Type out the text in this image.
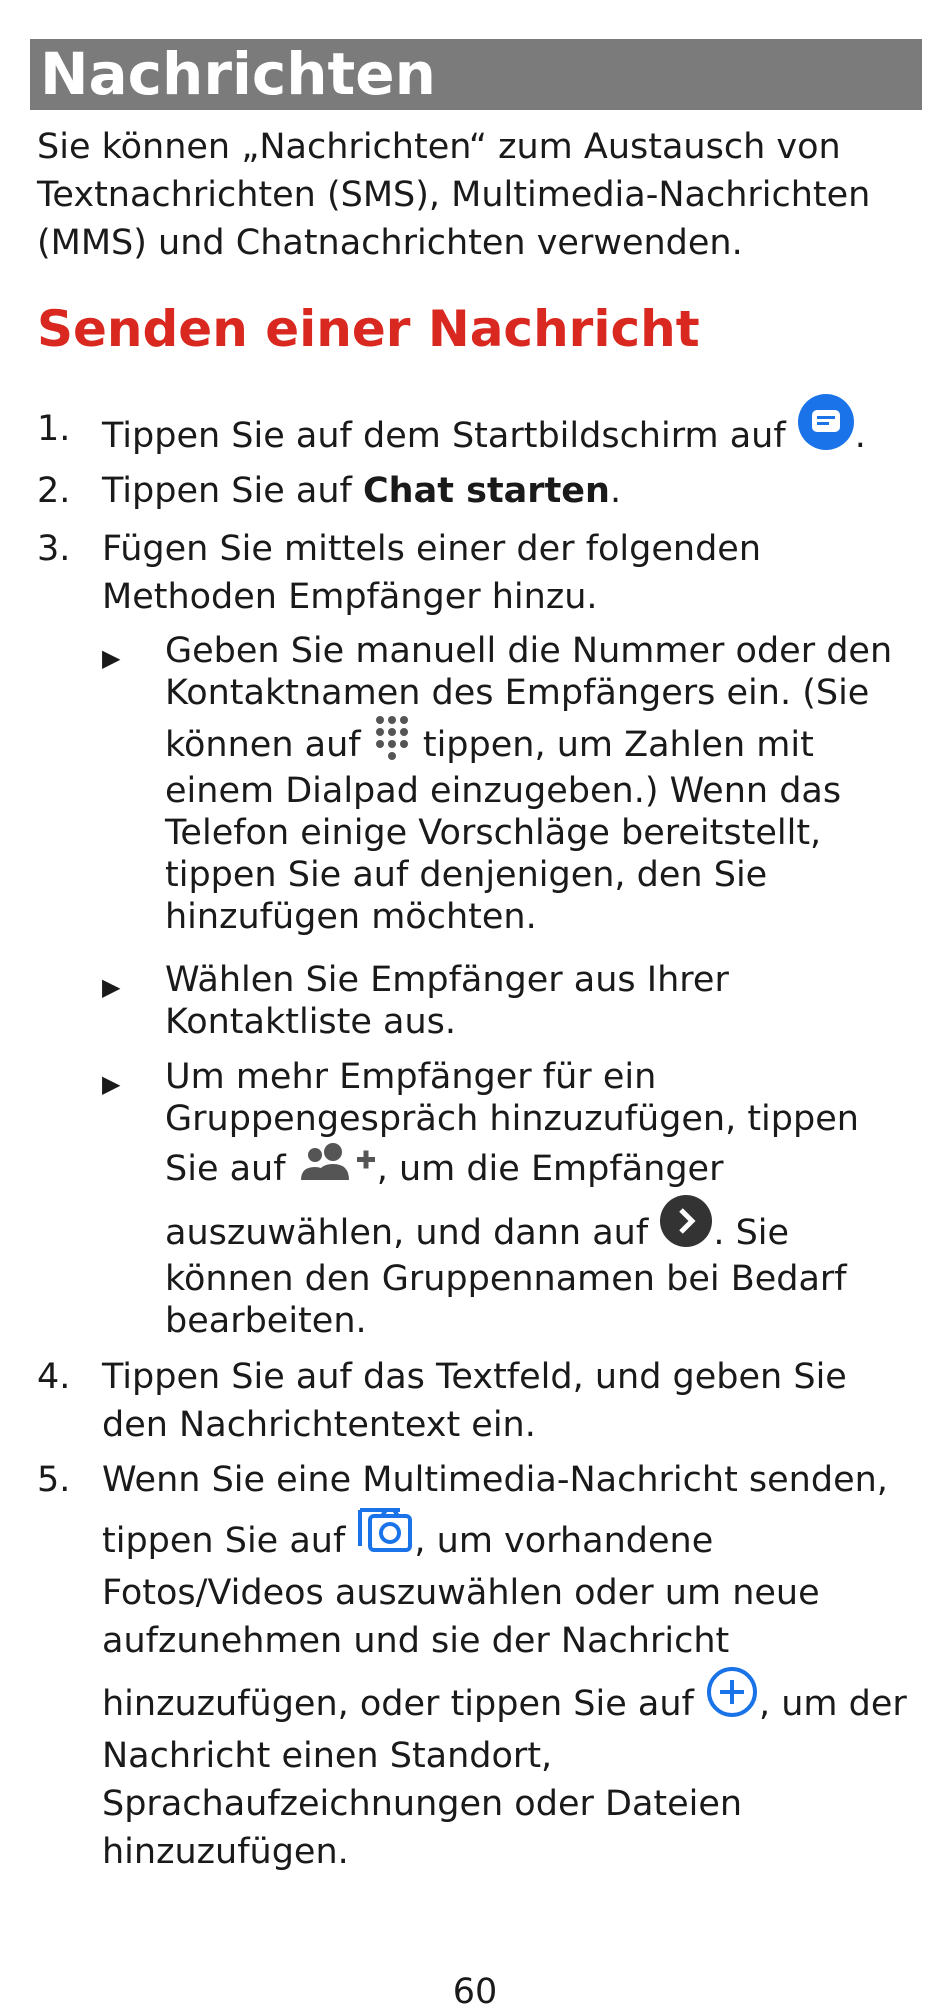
Nachrichten

Sie können „Nachrichten“ zum Austausch von Textnachrichten (SMS), Multimedia-Nachrichten (MMS) und Chatnachrichten verwenden.

Senden einer Nachricht
1. Tippen Sie auf dem Startbildschirm auf .
2. Tippen Sie auf Chat starten.
3. Fügen Sie mittels einer der folgenden Methoden Empfänger hinzu.
▶ Geben Sie manuell die Nummer oder den Kontaktnamen des Empfängers ein. (Sie können auf  tippen, um Zahlen mit einem Dialpad einzugeben.) Wenn das Telefon einige Vorschläge bereitstellt, tippen Sie auf denjenigen, den Sie hinzufügen möchten.
▶ Wählen Sie Empfänger aus Ihrer Kontaktliste aus.
▶ Um mehr Empfänger für ein Gruppengespräch hinzuzufügen, tippen Sie auf , um die Empfänger auszuwählen, und dann auf . Sie können den Gruppennamen bei Bedarf bearbeiten.
4. Tippen Sie auf das Textfeld, und geben Sie den Nachrichtentext ein.
5. Wenn Sie eine Multimedia-Nachricht senden, tippen Sie auf , um vorhandene Fotos/Videos auszuwählen oder um neue aufzunehmen und sie der Nachricht hinzuzufügen, oder tippen Sie auf , um der Nachricht einen Standort, Sprachaufzeichnungen oder Dateien hinzuzufügen.
60
